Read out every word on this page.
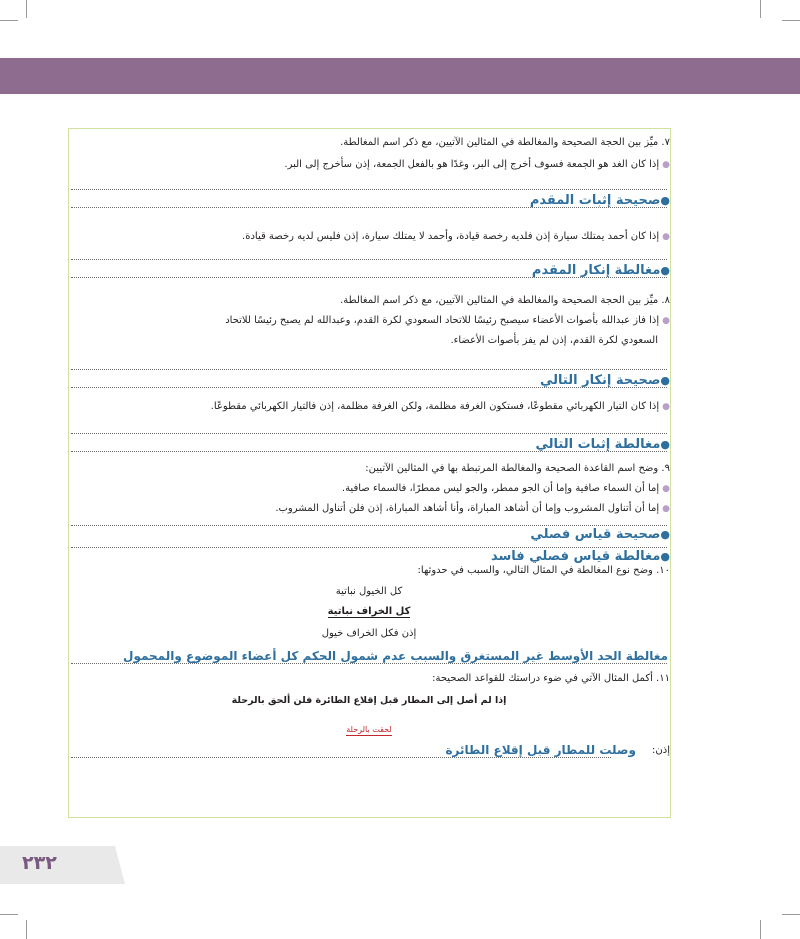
٧. ميِّز بين الحجة الصحيحة والمغالطة في المثالين الآتيين، مع ذكر اسم المغالطة.
●إذا كان الغد هو الجمعة فسوف أخرج إلى البر، وغدًا هو بالفعل الجمعة، إذن سأخرج إلى البر.
●صحيحة إثبات المقدم
●إذا كان أحمد يمتلك سيارة إذن فلديه رخصة قيادة، وأحمد لا يمتلك سيارة، إذن فليس لديه رخصة قيادة.
●مغالطة إنكار المقدم
٨. ميِّز بين الحجة الصحيحة والمغالطة في المثالين الآتيين، مع ذكر اسم المغالطة.
●إذا فاز عبدالله بأصوات الأعضاء سيصبح رئيسًا للاتحاد السعودي لكرة القدم، وعبدالله لم يصبح رئيسًا للاتحاد
السعودي لكرة القدم، إذن لم يفز بأصوات الأعضاء.
●صحيحة إنكار التالي
●إذا كان التيار الكهربائي مقطوعًا، فستكون الغرفة مظلمة، ولكن الغرفة مظلمة، إذن فالتيار الكهربائي مقطوعًا.
●مغالطة إثبات التالي
٩. وضح اسم القاعدة الصحيحة والمغالطة المرتبطة بها في المثالين الآتيين:
●إما أن السماء صافية وإما أن الجو ممطر، والجو ليس ممطرًا، فالسماء صافية.
●إما أن أتناول المشروب وإما أن أشاهد المباراة، وأنا أشاهد المباراة، إذن فلن أتناول المشروب.
●صحيحة قياس فصلي
●مغالطة قياس فصلي فاسد
١٠. وضح نوع المغالطة في المثال التالي، والسبب في حدوثها:
كل الخيول نباتية
كل الخراف نباتية
إذن فكل الخراف خيول
مغالطة الحد الأوسط غير المستغرق والسبب عدم شمول الحكم كل أعضاء الموضوع والمحمول
١١. أكمل المثال الآتي في ضوء دراستك للقواعد الصحيحة:
إذا لم أصل إلى المطار قبل إقلاع الطائرة فلن ألحق بالرحلة
لحقت بالرحلة
إذن:
وصلت للمطار قبل إقلاع الطائرة
٢٣٢
